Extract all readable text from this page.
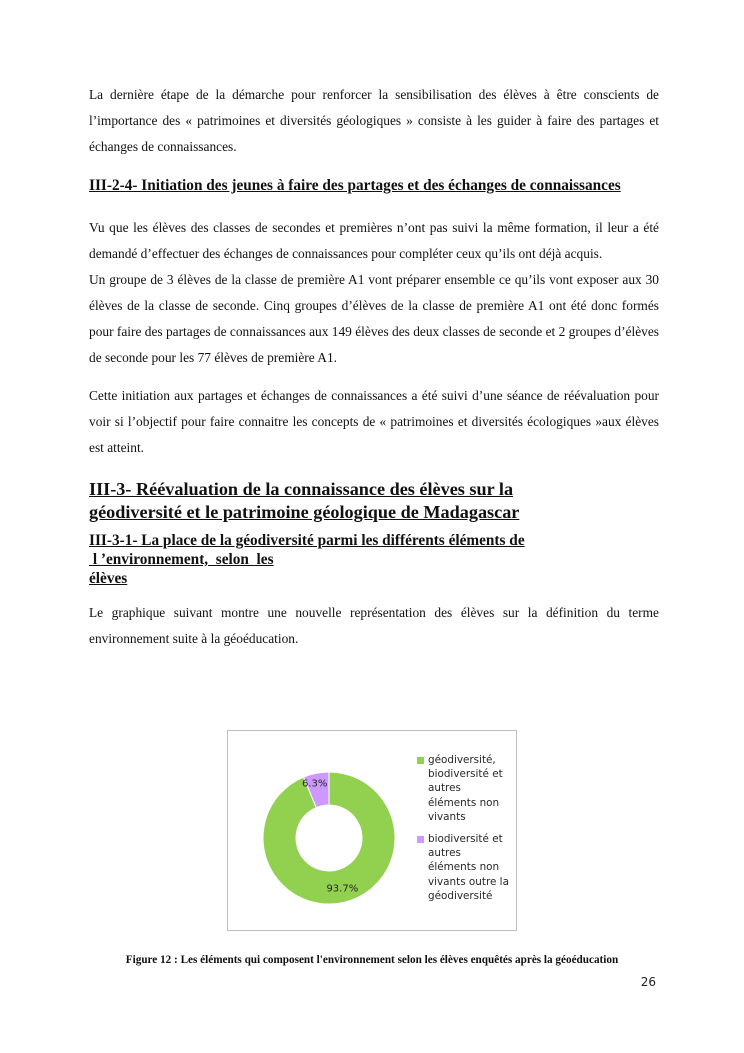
La dernière étape de la démarche pour renforcer la sensibilisation des élèves à être conscients de l’importance des « patrimoines et diversités géologiques » consiste à les guider à faire des partages et échanges de connaissances.

III-2-4- Initiation des jeunes à faire des partages et des échanges de connaissances

Vu que les élèves des classes de secondes et premières n’ont pas suivi la même formation, il leur a été demandé d’effectuer des échanges de connaissances pour compléter ceux qu’ils ont déjà acquis.

Un groupe de 3 élèves de la classe de première A1 vont préparer ensemble ce qu’ils vont exposer aux 30 élèves de la classe de seconde. Cinq groupes d’élèves de la classe de première A1 ont été donc formés pour faire des partages de connaissances aux 149 élèves des deux classes de seconde et 2 groupes d’élèves de seconde pour les 77 élèves de première A1.

Cette initiation aux partages et échanges de connaissances a été suivi d’une séance de réévaluation pour voir si l’objectif pour faire connaitre les concepts de « patrimoines et diversités écologiques »aux élèves est atteint.

III-3- Réévaluation de la connaissance des élèves sur la
géodiversité et le patrimoine géologique de Madagascar
III-3-1- La place de la géodiversité parmi les différents éléments de
l ’environnement,  selon  les
élèves

Le graphique suivant montre une nouvelle représentation des élèves sur la définition du terme environnement suite à la géoéducation.

93.7%
6.3%
géodiversité,
biodiversité et
autres
éléments non
vivants
biodiversité et
autres
éléments non
vivants outre la
géodiversité
Figure 12 : Les éléments qui composent l'environnement selon les élèves enquêtés après la géoéducation
26
